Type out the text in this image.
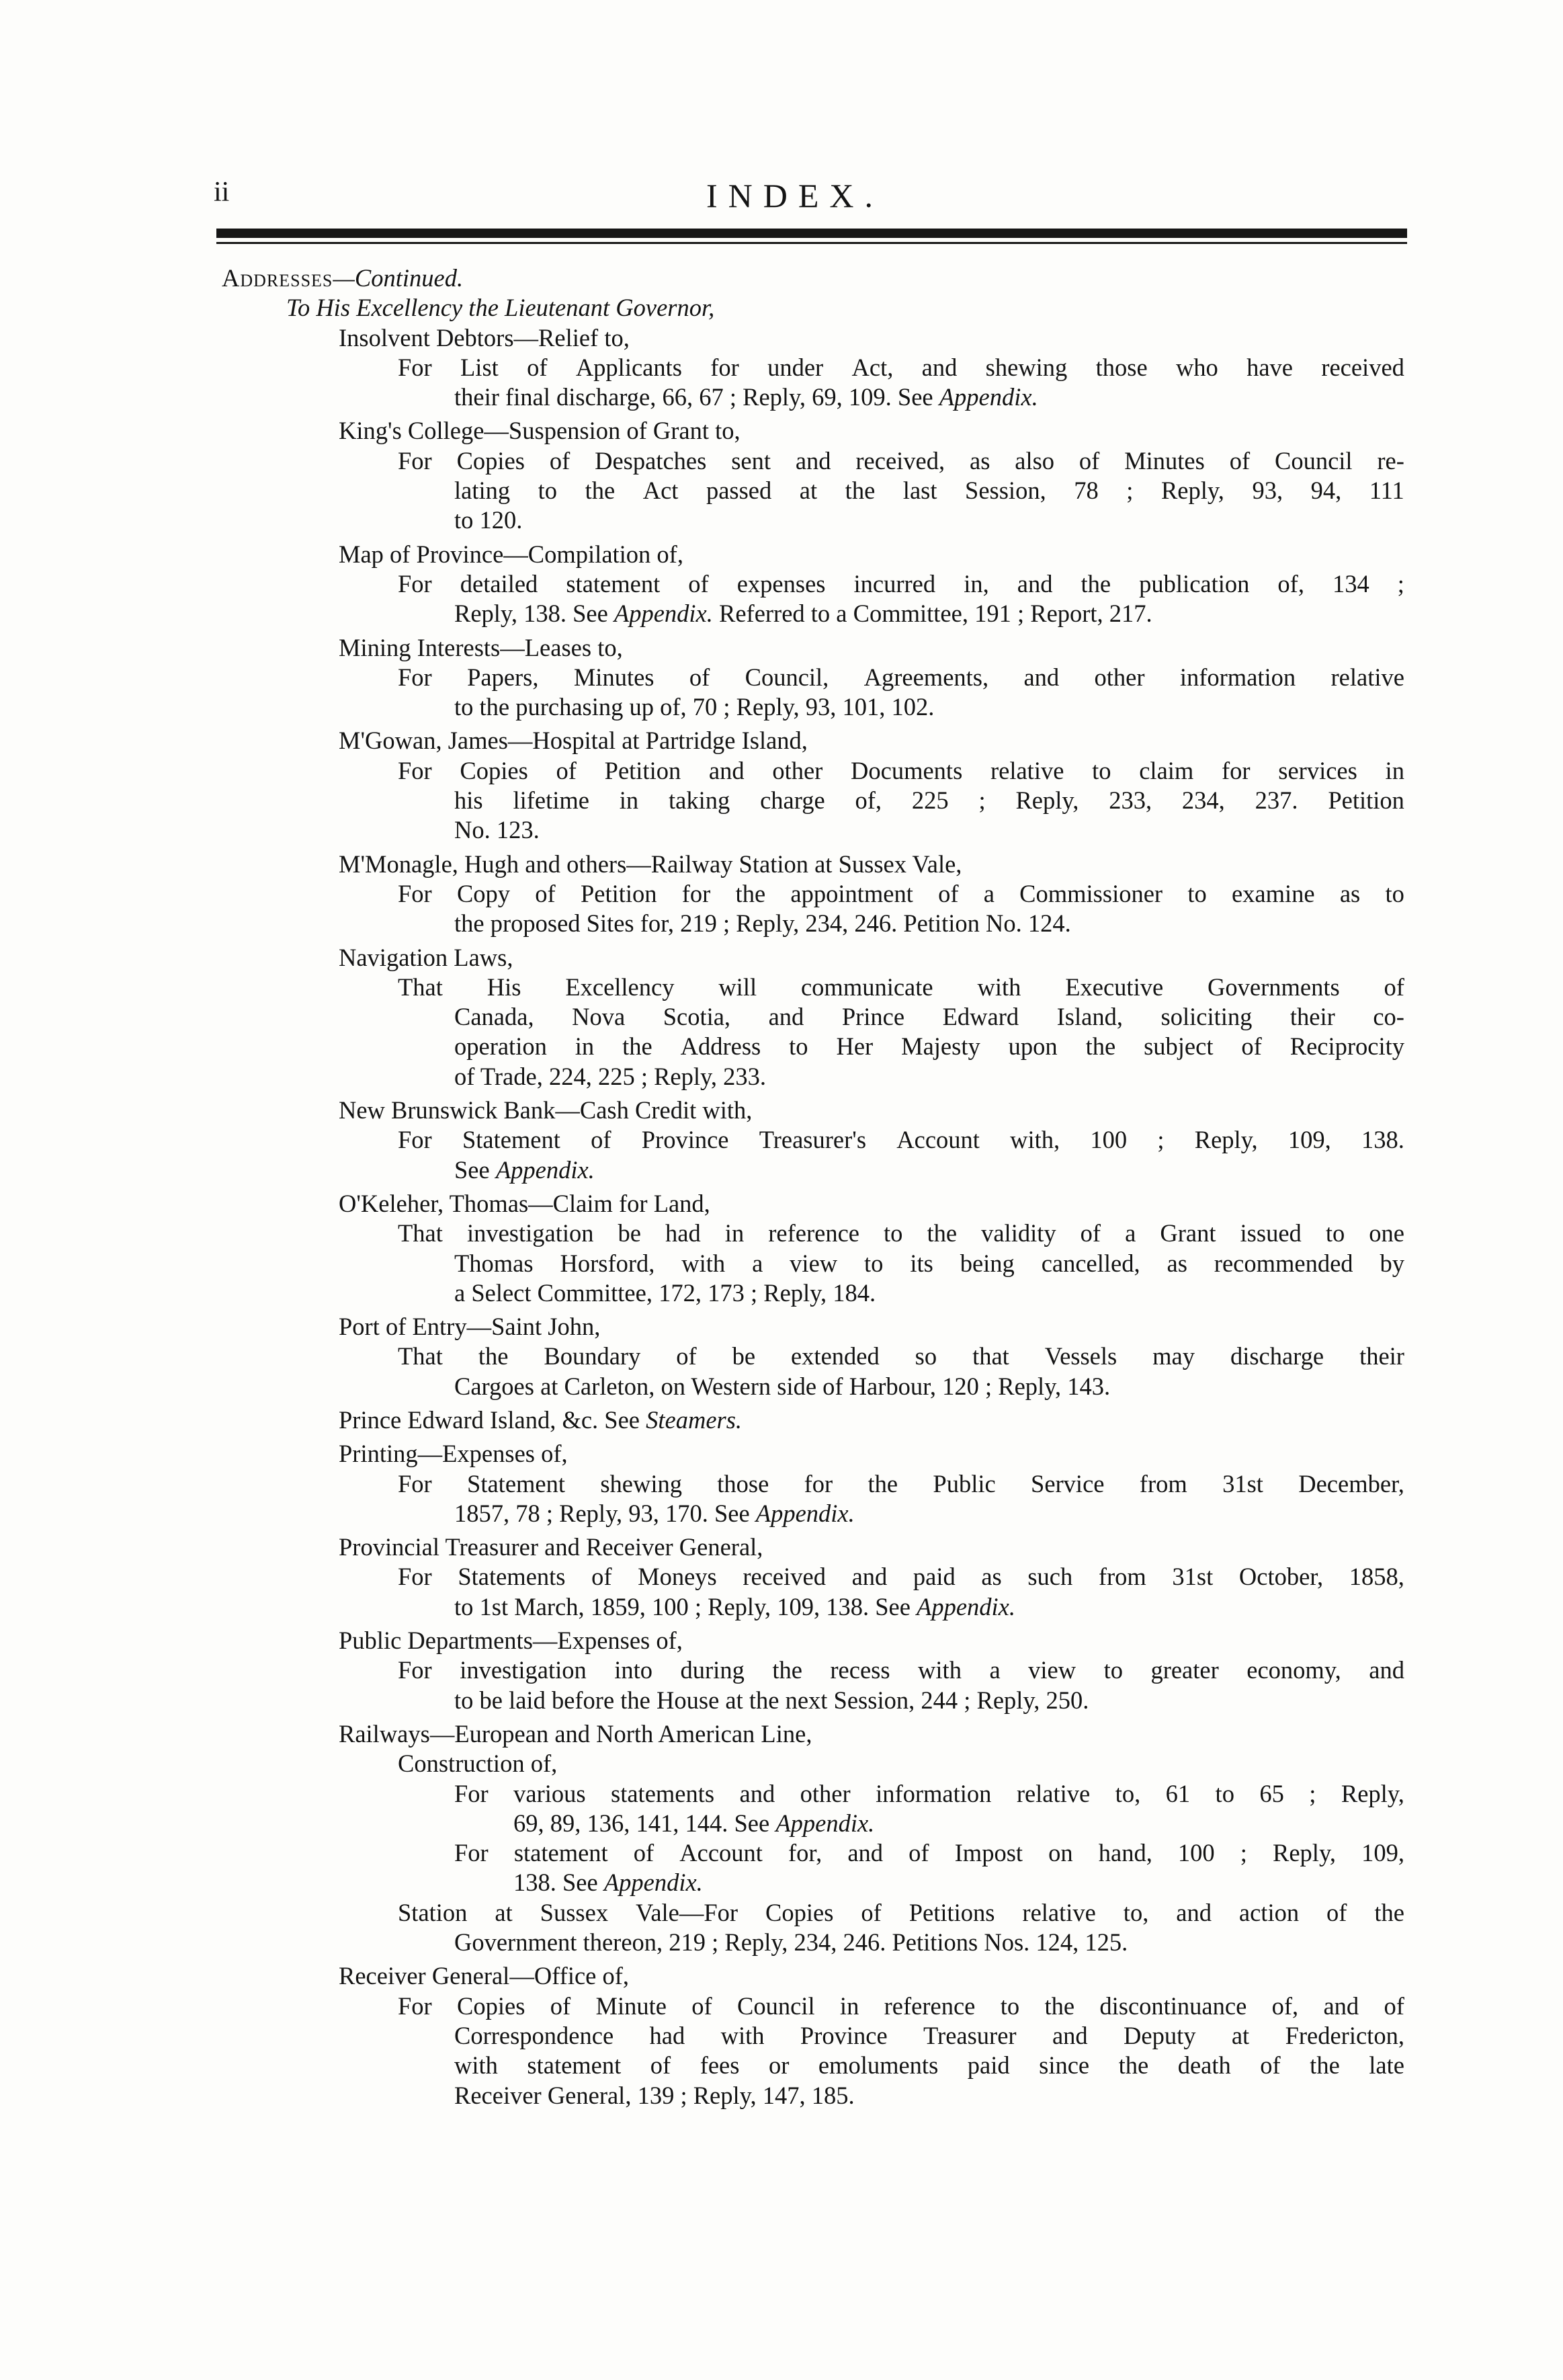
ii	INDEX.
Addresses—Continued.
To His Excellency the Lieutenant Governor,
Insolvent Debtors—Relief to,
For List of Applicants for under Act, and shewing those who have received
their final discharge, 66, 67 ; Reply, 69, 109. See Appendix.
King's College—Suspension of Grant to,
For Copies of Despatches sent and received, as also of Minutes of Council re-
lating to the Act passed at the last Session, 78 ; Reply, 93, 94, 111
to 120.
Map of Province—Compilation of,
For detailed statement of expenses incurred in, and the publication of, 134 ;
Reply, 138. See Appendix. Referred to a Committee, 191 ; Report, 217.
Mining Interests—Leases to,
For Papers, Minutes of Council, Agreements, and other information relative
to the purchasing up of, 70 ; Reply, 93, 101, 102.
M'Gowan, James—Hospital at Partridge Island,
For Copies of Petition and other Documents relative to claim for services in
his lifetime in taking charge of, 225 ; Reply, 233, 234, 237. Petition
No. 123.
M'Monagle, Hugh and others—Railway Station at Sussex Vale,
For Copy of Petition for the appointment of a Commissioner to examine as to
the proposed Sites for, 219 ; Reply, 234, 246. Petition No. 124.
Navigation Laws,
That His Excellency will communicate with Executive Governments of
Canada, Nova Scotia, and Prince Edward Island, soliciting their co-
operation in the Address to Her Majesty upon the subject of Reciprocity
of Trade, 224, 225 ; Reply, 233.
New Brunswick Bank—Cash Credit with,
For Statement of Province Treasurer's Account with, 100 ; Reply, 109, 138.
See Appendix.
O'Keleher, Thomas—Claim for Land,
That investigation be had in reference to the validity of a Grant issued to one
Thomas Horsford, with a view to its being cancelled, as recommended by
a Select Committee, 172, 173 ; Reply, 184.
Port of Entry—Saint John,
That the Boundary of be extended so that Vessels may discharge their
Cargoes at Carleton, on Western side of Harbour, 120 ; Reply, 143.
Prince Edward Island, &c. See Steamers.
Printing—Expenses of,
For Statement shewing those for the Public Service from 31st December,
1857, 78 ; Reply, 93, 170. See Appendix.
Provincial Treasurer and Receiver General,
For Statements of Moneys received and paid as such from 31st October, 1858,
to 1st March, 1859, 100 ; Reply, 109, 138. See Appendix.
Public Departments—Expenses of,
For investigation into during the recess with a view to greater economy, and
to be laid before the House at the next Session, 244 ; Reply, 250.
Railways—European and North American Line,
Construction of,
For various statements and other information relative to, 61 to 65 ; Reply,
69, 89, 136, 141, 144. See Appendix.
For statement of Account for, and of Impost on hand, 100 ; Reply, 109,
138. See Appendix.
Station at Sussex Vale—For Copies of Petitions relative to, and action of the
Government thereon, 219 ; Reply, 234, 246. Petitions Nos. 124, 125.
Receiver General—Office of,
For Copies of Minute of Council in reference to the discontinuance of, and of
Correspondence had with Province Treasurer and Deputy at Fredericton,
with statement of fees or emoluments paid since the death of the late
Receiver General, 139 ; Reply, 147, 185.
